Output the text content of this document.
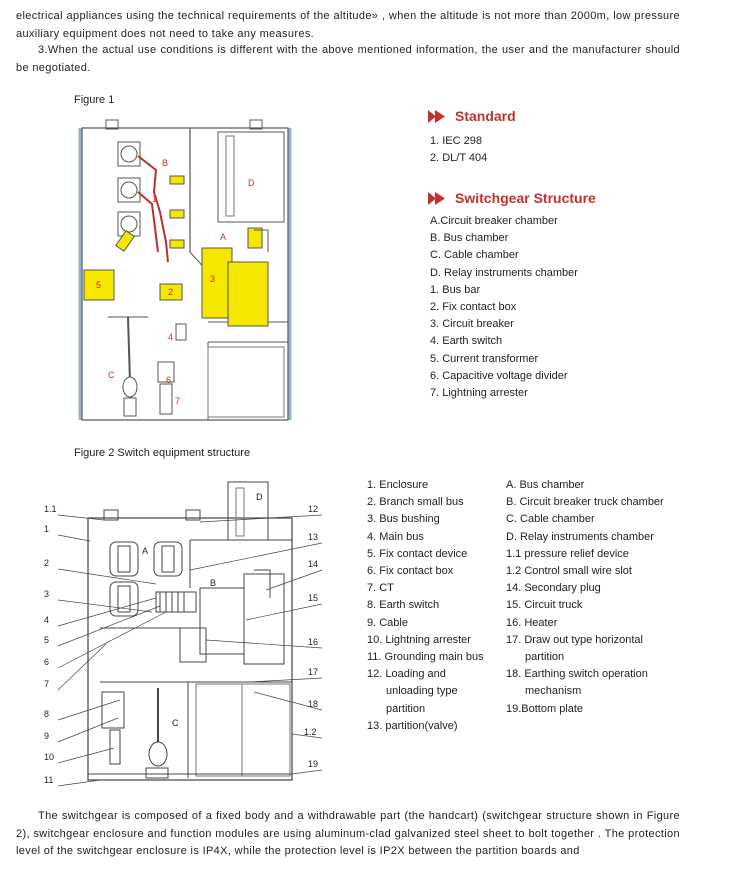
electrical appliances using the technical requirements of the altitude» , when the altitude is not more than 2000m, low pressure auxiliary equipment does not need to take any measures.
3.When the actual use conditions is different with the above mentioned information, the user and the manufacturer should be negotiated.
Figure 1
B
D
A
C
1
2
3
4
5
6
7
Standard
1. IEC 298
2. DL/T 404
Switchgear Structure
A.Circuit breaker chamber
B. Bus chamber
C. Cable chamber
D. Relay instruments chamber
1. Bus bar
2. Fix contact box
3. Circuit breaker
4. Earth switch
5. Current transformer
6. Capacitive voltage divider
7. Lightning arrester
Figure 2 Switch equipment structure
1.1
1
2
3
4
5
6
7
8
9
10
11
12
13
14
15
16
17
18
1.2
19
A
B
C
D
1. Enclosure
2. Branch small bus
3. Bus bushing
4. Main bus
5. Fix contact device
6. Fix contact box
7. CT
8. Earth switch
9. Cable
10. Lightning arrester
11. Grounding main bus
12. Loading and
unloading type
partition
13. partition(valve)
A. Bus chamber
B. Circuit breaker truck chamber
C. Cable chamber
D. Relay instruments chamber
1.1 pressure relief device
1.2 Control small wire slot
14. Secondary plug
15. Circuit truck
16. Heater
17. Draw out type horizontal
partition
18. Earthing switch operation
mechanism
19.Bottom plate
The switchgear is composed of a fixed body and a withdrawable part (the handcart) (switchgear structure shown in Figure 2), switchgear enclosure and function modules are using aluminum-clad galvanized steel sheet to bolt together . The protection level of the switchgear enclosure is IP4X, while the protection level is IP2X between the partition boards and
